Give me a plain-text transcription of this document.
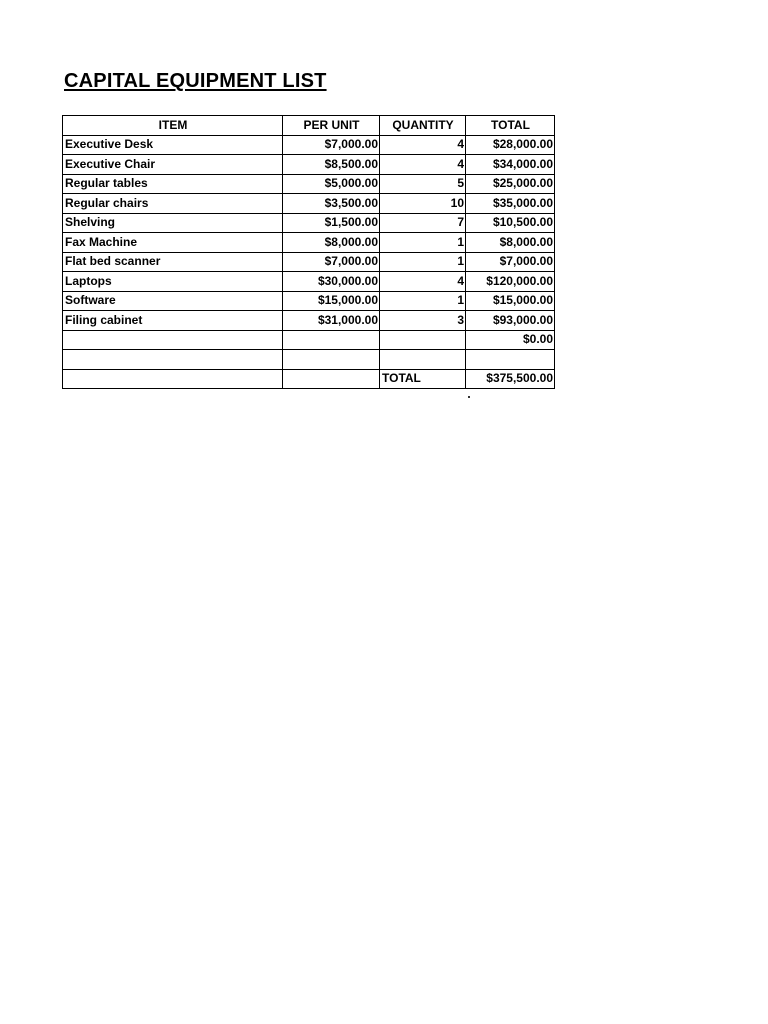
CAPITAL EQUIPMENT LIST
ITEM	PER UNIT	QUANTITY	TOTAL
Executive Desk	$7,000.00	4	$28,000.00
Executive Chair	$8,500.00	4	$34,000.00
Regular tables	$5,000.00	5	$25,000.00
Regular chairs	$3,500.00	10	$35,000.00
Shelving	$1,500.00	7	$10,500.00
Fax Machine	$8,000.00	1	$8,000.00
Flat bed scanner	$7,000.00	1	$7,000.00
Laptops	$30,000.00	4	$120,000.00
Software	$15,000.00	1	$15,000.00
Filing cabinet	$31,000.00	3	$93,000.00
			$0.00

		TOTAL	$375,500.00
